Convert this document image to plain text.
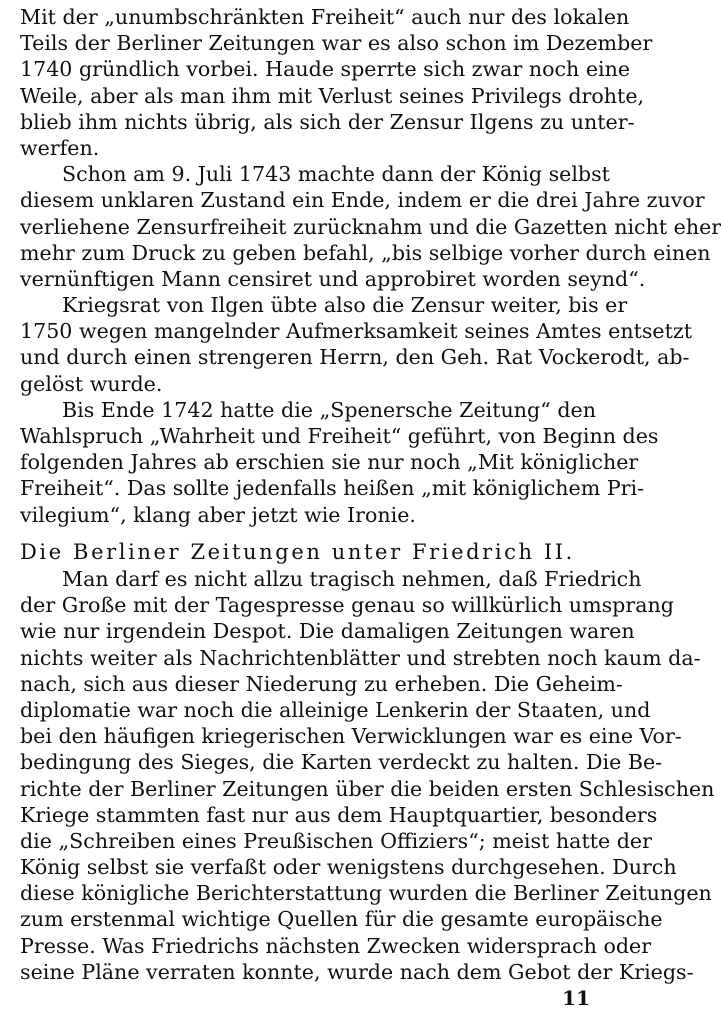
Mit der „unumbschränkten Freiheit“ auch nur des lokalen
Teils der Berliner Zeitungen war es also schon im Dezember
1740 gründlich vorbei. Haude sperrte sich zwar noch eine
Weile, aber als man ihm mit Verlust seines Privilegs drohte,
blieb ihm nichts übrig, als sich der Zensur Ilgens zu unter-
werfen.
Schon am 9. Juli 1743 machte dann der König selbst
diesem unklaren Zustand ein Ende, indem er die drei Jahre zuvor
verliehene Zensurfreiheit zurücknahm und die Gazetten nicht eher
mehr zum Druck zu geben befahl, „bis selbige vorher durch einen
vernünftigen Mann censiret und approbiret worden seynd“.
Kriegsrat von Ilgen übte also die Zensur weiter, bis er
1750 wegen mangelnder Aufmerksamkeit seines Amtes entsetzt
und durch einen strengeren Herrn, den Geh. Rat Vockerodt, ab-
gelöst wurde.
Bis Ende 1742 hatte die „Spenersche Zeitung“ den
Wahlspruch „Wahrheit und Freiheit“ geführt, von Beginn des
folgenden Jahres ab erschien sie nur noch „Mit königlicher
Freiheit“. Das sollte jedenfalls heißen „mit königlichem Pri-
vilegium“, klang aber jetzt wie Ironie.
Die Berliner Zeitungen unter Friedrich II.
Man darf es nicht allzu tragisch nehmen, daß Friedrich
der Große mit der Tagespresse genau so willkürlich umsprang
wie nur irgendein Despot. Die damaligen Zeitungen waren
nichts weiter als Nachrichtenblätter und strebten noch kaum da-
nach, sich aus dieser Niederung zu erheben. Die Geheim-
diplomatie war noch die alleinige Lenkerin der Staaten, und
bei den häufigen kriegerischen Verwicklungen war es eine Vor-
bedingung des Sieges, die Karten verdeckt zu halten. Die Be-
richte der Berliner Zeitungen über die beiden ersten Schlesischen
Kriege stammten fast nur aus dem Hauptquartier, besonders
die „Schreiben eines Preußischen Offiziers“; meist hatte der
König selbst sie verfaßt oder wenigstens durchgesehen. Durch
diese königliche Berichterstattung wurden die Berliner Zeitungen
zum erstenmal wichtige Quellen für die gesamte europäische
Presse. Was Friedrichs nächsten Zwecken widersprach oder
seine Pläne verraten konnte, wurde nach dem Gebot der Kriegs-
11
